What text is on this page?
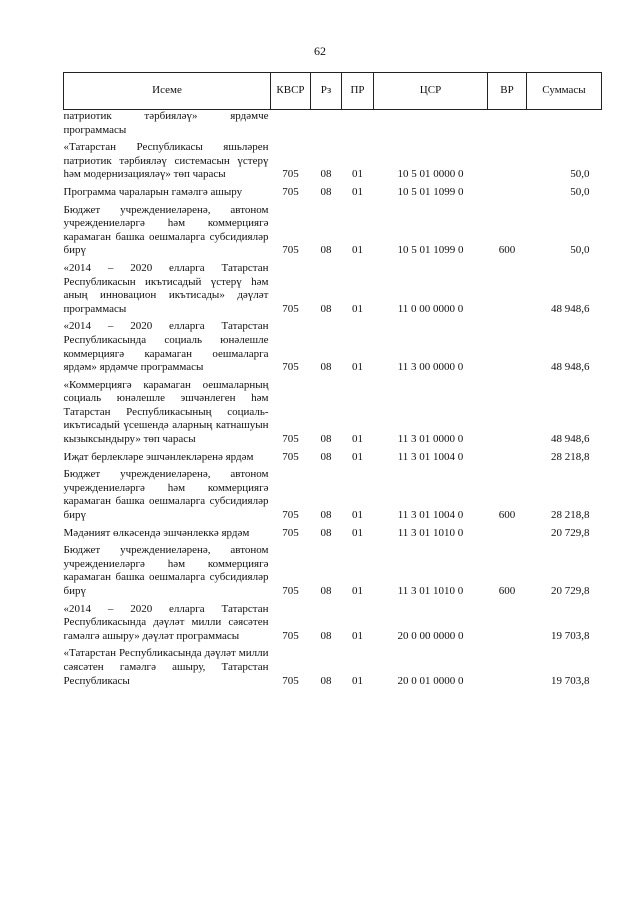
62
Исеме	КВСР	Рз	ПР	ЦСР	ВР	Суммасы
патриотик тәрбияләү» ярдәмче программасы						
«Татарстан Республикасы яшьләрен патриотик тәрбияләү системасын үстерү һәм модернизацияләү» төп чарасы	705	08	01	10 5 01 0000 0		50,0
Программа чараларын гамәлгә ашыру	705	08	01	10 5 01 1099 0		50,0
Бюджет учреждениеләренә, автоном учреждениеләргә һәм коммерциягә карамаган башка оешмаларга субсидияләр бирү	705	08	01	10 5 01 1099 0	600	50,0
«2014 – 2020 елларга Татарстан Республикасын икътисадый үстерү һәм аның инновацион икътисады» дәүләт программасы	705	08	01	11 0 00 0000 0		48 948,6
«2014 – 2020 елларга Татарстан Республикасында социаль юнәлешле коммерциягә карамаган оешмаларга ярдәм» ярдәмче программасы	705	08	01	11 3 00 0000 0		48 948,6
«Коммерциягә карамаган оешмаларның социаль юнәлешле эшчәнлеген һәм Татарстан Республикасының социаль-икътисадый үсешендә аларның катнашуын кызыксындыру» төп чарасы	705	08	01	11 3 01 0000 0		48 948,6
Иҗат берлекләре эшчәнлекләренә ярдәм	705	08	01	11 3 01 1004 0		28 218,8
Бюджет учреждениеләренә, автоном учреждениеләргә һәм коммерциягә карамаган башка оешмаларга субсидияләр бирү	705	08	01	11 3 01 1004 0	600	28 218,8
Мәдәният өлкәсендә эшчәнлеккә ярдәм	705	08	01	11 3 01 1010 0		20 729,8
Бюджет учреждениеләренә, автоном учреждениеләргә һәм коммерциягә карамаган башка оешмаларга субсидияләр бирү	705	08	01	11 3 01 1010 0	600	20 729,8
«2014 – 2020 елларга Татарстан Республикасында дәүләт милли сәясәтен гамәлгә ашыру» дәүләт программасы	705	08	01	20 0 00 0000 0		19 703,8
«Татарстан Республикасында дәүләт милли сәясәтен гамәлгә ашыру, Татарстан Республикасы	705	08	01	20 0 01 0000 0		19 703,8
